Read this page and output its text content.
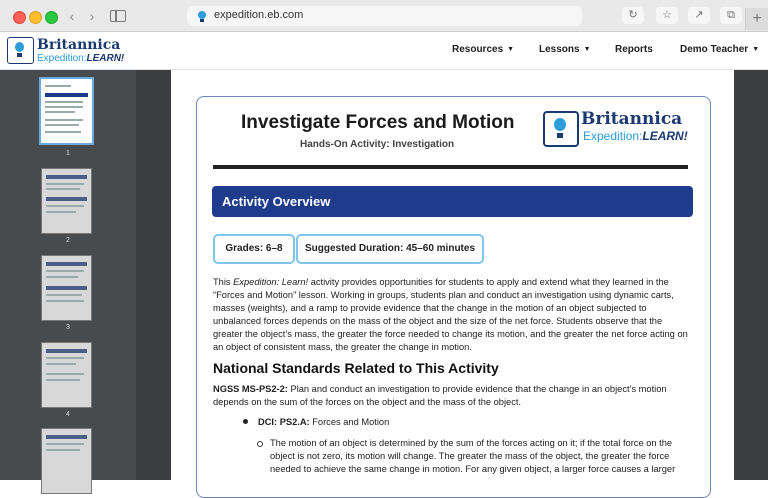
‹	›	expedition.eb.com	↻	☆	↗	⧉	+
Britannica
Expedition:LEARN!
Resources ▼ Lessons ▼ Reports	Demo Teacher ▼
1
2
3
4
Investigate Forces and Motion
Hands-On Activity: Investigation
Britannica
Expedition:LEARN!
Activity Overview
Grades: 6–8	Suggested Duration: 45–60 minutes
This Expedition: Learn! activity provides opportunities for students to apply and extend what they learned in the “Forces and Motion” lesson. Working in groups, students plan and conduct an investigation using dynamic carts, masses (weights), and a ramp to provide evidence that the change in the motion of an object subjected to unbalanced forces depends on the mass of the object and the size of the net force. Students observe that the greater the object’s mass, the greater the force needed to change its motion, and the greater the net force acting on an object of consistent mass, the greater the change in motion.
National Standards Related to This Activity
NGSS MS-PS2-2: Plan and conduct an investigation to provide evidence that the change in an object’s motion depends on the sum of the forces on the object and the mass of the object.
DCI: PS2.A: Forces and Motion
The motion of an object is determined by the sum of the forces acting on it; if the total force on the object is not zero, its motion will change. The greater the mass of the object, the greater the force needed to achieve the same change in motion. For any given object, a larger force causes a larger
